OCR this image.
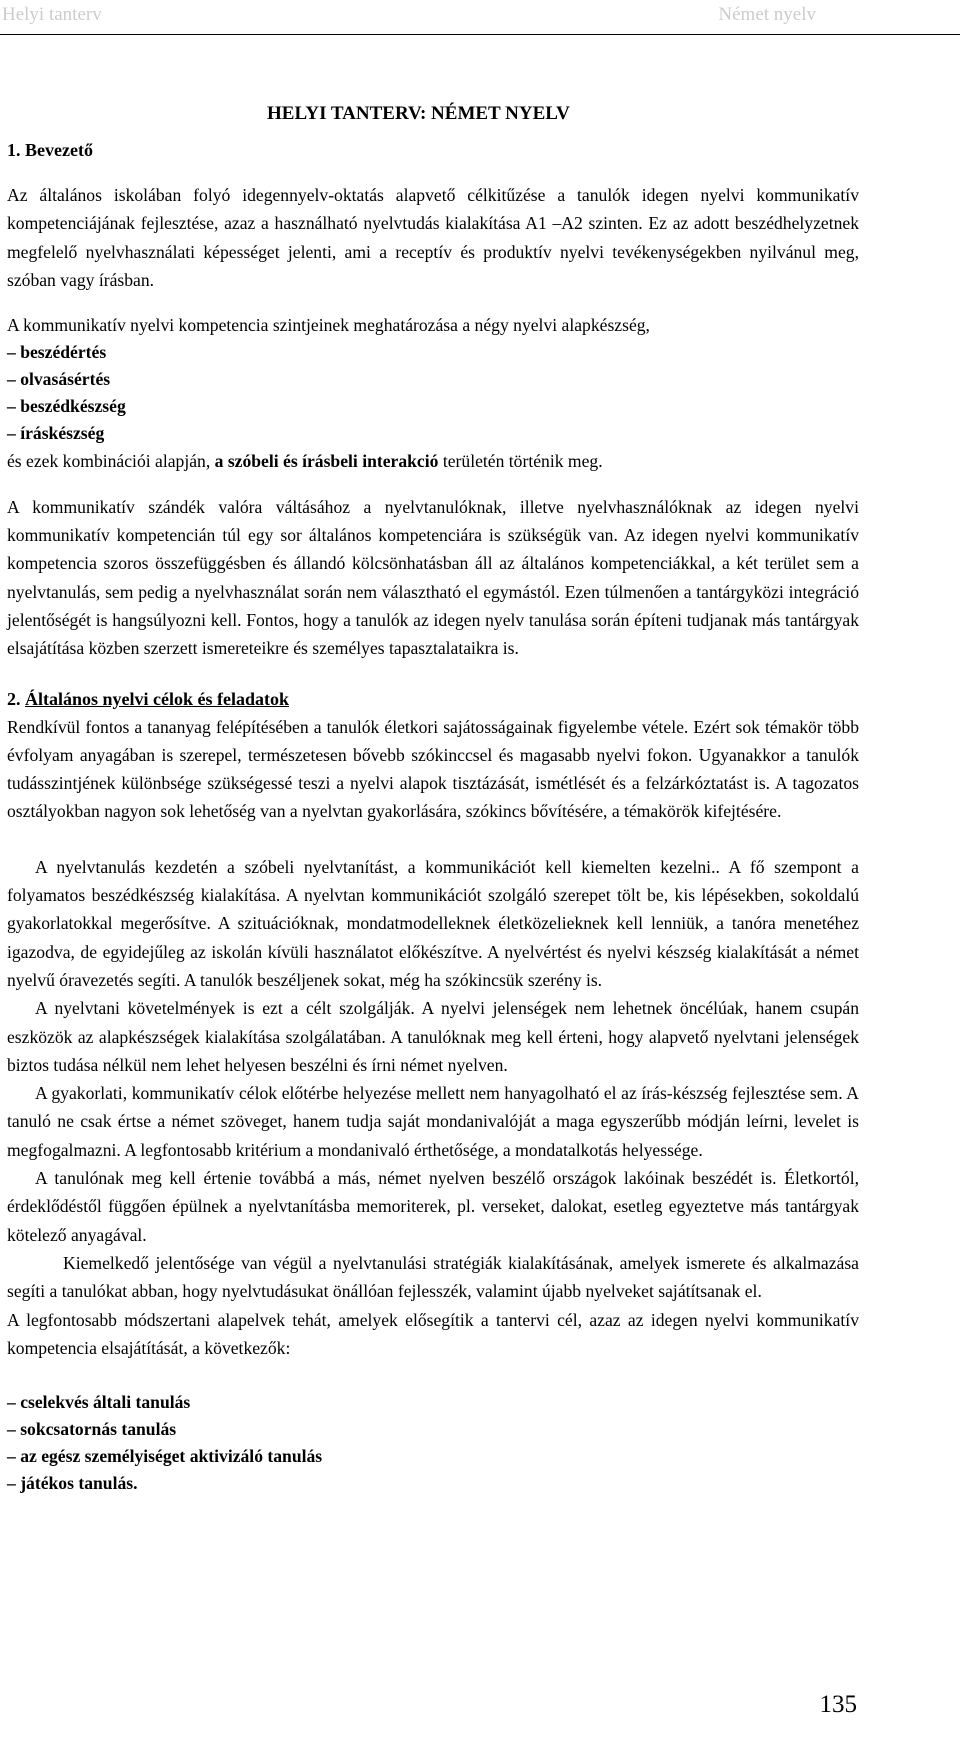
Helyi tanterv	Német nyelv

HELYI TANTERV: NÉMET NYELV

1. Bevezető

Az általános iskolában folyó idegennyelv-oktatás alapvető célkitűzése a tanulók idegen nyelvi kommunikatív kompetenciájának fejlesztése, azaz a használható nyelvtudás kialakítása A1 –A2 szinten. Ez az adott beszédhelyzetnek megfelelő nyelvhasználati képességet jelenti, ami a receptív és produktív nyelvi tevékenységekben nyilvánul meg, szóban vagy írásban.

A kommunikatív nyelvi kompetencia szintjeinek meghatározása a négy nyelvi alapkészség,

– beszédértés

– olvasásértés

– beszédkészség

– íráskészség

és ezek kombinációi alapján, a szóbeli és írásbeli interakció területén történik meg.

A kommunikatív szándék valóra váltásához a nyelvtanulóknak, illetve nyelvhasználóknak az idegen nyelvi kommunikatív kompetencián túl egy sor általános kompetenciára is szükségük van. Az idegen nyelvi kommunikatív kompetencia szoros összefüggésben és állandó kölcsönhatásban áll az általános kompetenciákkal, a két terület sem a nyelvtanulás, sem pedig a nyelvhasználat során nem választható el egymástól. Ezen túlmenően a tantárgyközi integráció jelentőségét is hangsúlyozni kell. Fontos, hogy a tanulók az idegen nyelv tanulása során építeni tudjanak más tantárgyak elsajátítása közben szerzett ismereteikre és személyes tapasztalataikra is.

2. Általános nyelvi célok és feladatok

Rendkívül fontos a tananyag felépítésében a tanulók életkori sajátosságainak figyelembe vétele. Ezért sok témakör több évfolyam anyagában is szerepel, természetesen bővebb szókinccsel és magasabb nyelvi fokon. Ugyanakkor a tanulók tudásszintjének különbsége szükségessé teszi a nyelvi alapok tisztázását, ismétlését és a felzárkóztatást is. A tagozatos osztályokban nagyon sok lehetőség van a nyelvtan gyakorlására, szókincs bővítésére, a témakörök kifejtésére.

A nyelvtanulás kezdetén a szóbeli nyelvtanítást, a kommunikációt kell kiemelten kezelni.. A fő szempont a folyamatos beszédkészség kialakítása. A nyelvtan kommunikációt szolgáló szerepet tölt be, kis lépésekben, sokoldalú gyakorlatokkal megerősítve. A szituációknak, mondatmodelleknek életközelieknek kell lenniük, a tanóra menetéhez igazodva, de egyidejűleg az iskolán kívüli használatot előkészítve. A nyelvértést és nyelvi készség kialakítását a német nyelvű óravezetés segíti. A tanulók beszéljenek sokat, még ha szókincsük szerény is.

A nyelvtani követelmények is ezt a célt szolgálják. A nyelvi jelenségek nem lehetnek öncélúak, hanem csupán eszközök az alapkészségek kialakítása szolgálatában. A tanulóknak meg kell érteni, hogy alapvető nyelvtani jelenségek biztos tudása nélkül nem lehet helyesen beszélni és írni német nyelven.

A gyakorlati, kommunikatív célok előtérbe helyezése mellett nem hanyagolható el az írás-készség fejlesztése sem. A tanuló ne csak értse a német szöveget, hanem tudja saját mondanivalóját a maga egyszerűbb módján leírni, levelet is megfogalmazni. A legfontosabb kritérium a mondanivaló érthetősége, a mondatalkotás helyessége.

A tanulónak meg kell értenie továbbá a más, német nyelven beszélő országok lakóinak beszédét is. Életkortól, érdeklődéstől függően épülnek a nyelvtanításba memoriterek, pl. verseket, dalokat, esetleg egyeztetve más tantárgyak kötelező anyagával.

Kiemelkedő jelentősége van végül a nyelvtanulási stratégiák kialakításának, amelyek ismerete és alkalmazása segíti a tanulókat abban, hogy nyelvtudásukat önállóan fejlesszék, valamint újabb nyelveket sajátítsanak el.

A legfontosabb módszertani alapelvek tehát, amelyek elősegítik a tantervi cél, azaz az idegen nyelvi kommunikatív kompetencia elsajátítását, a következők:

– cselekvés általi tanulás

– sokcsatornás tanulás

– az egész személyiséget aktivizáló tanulás

– játékos tanulás.

135
